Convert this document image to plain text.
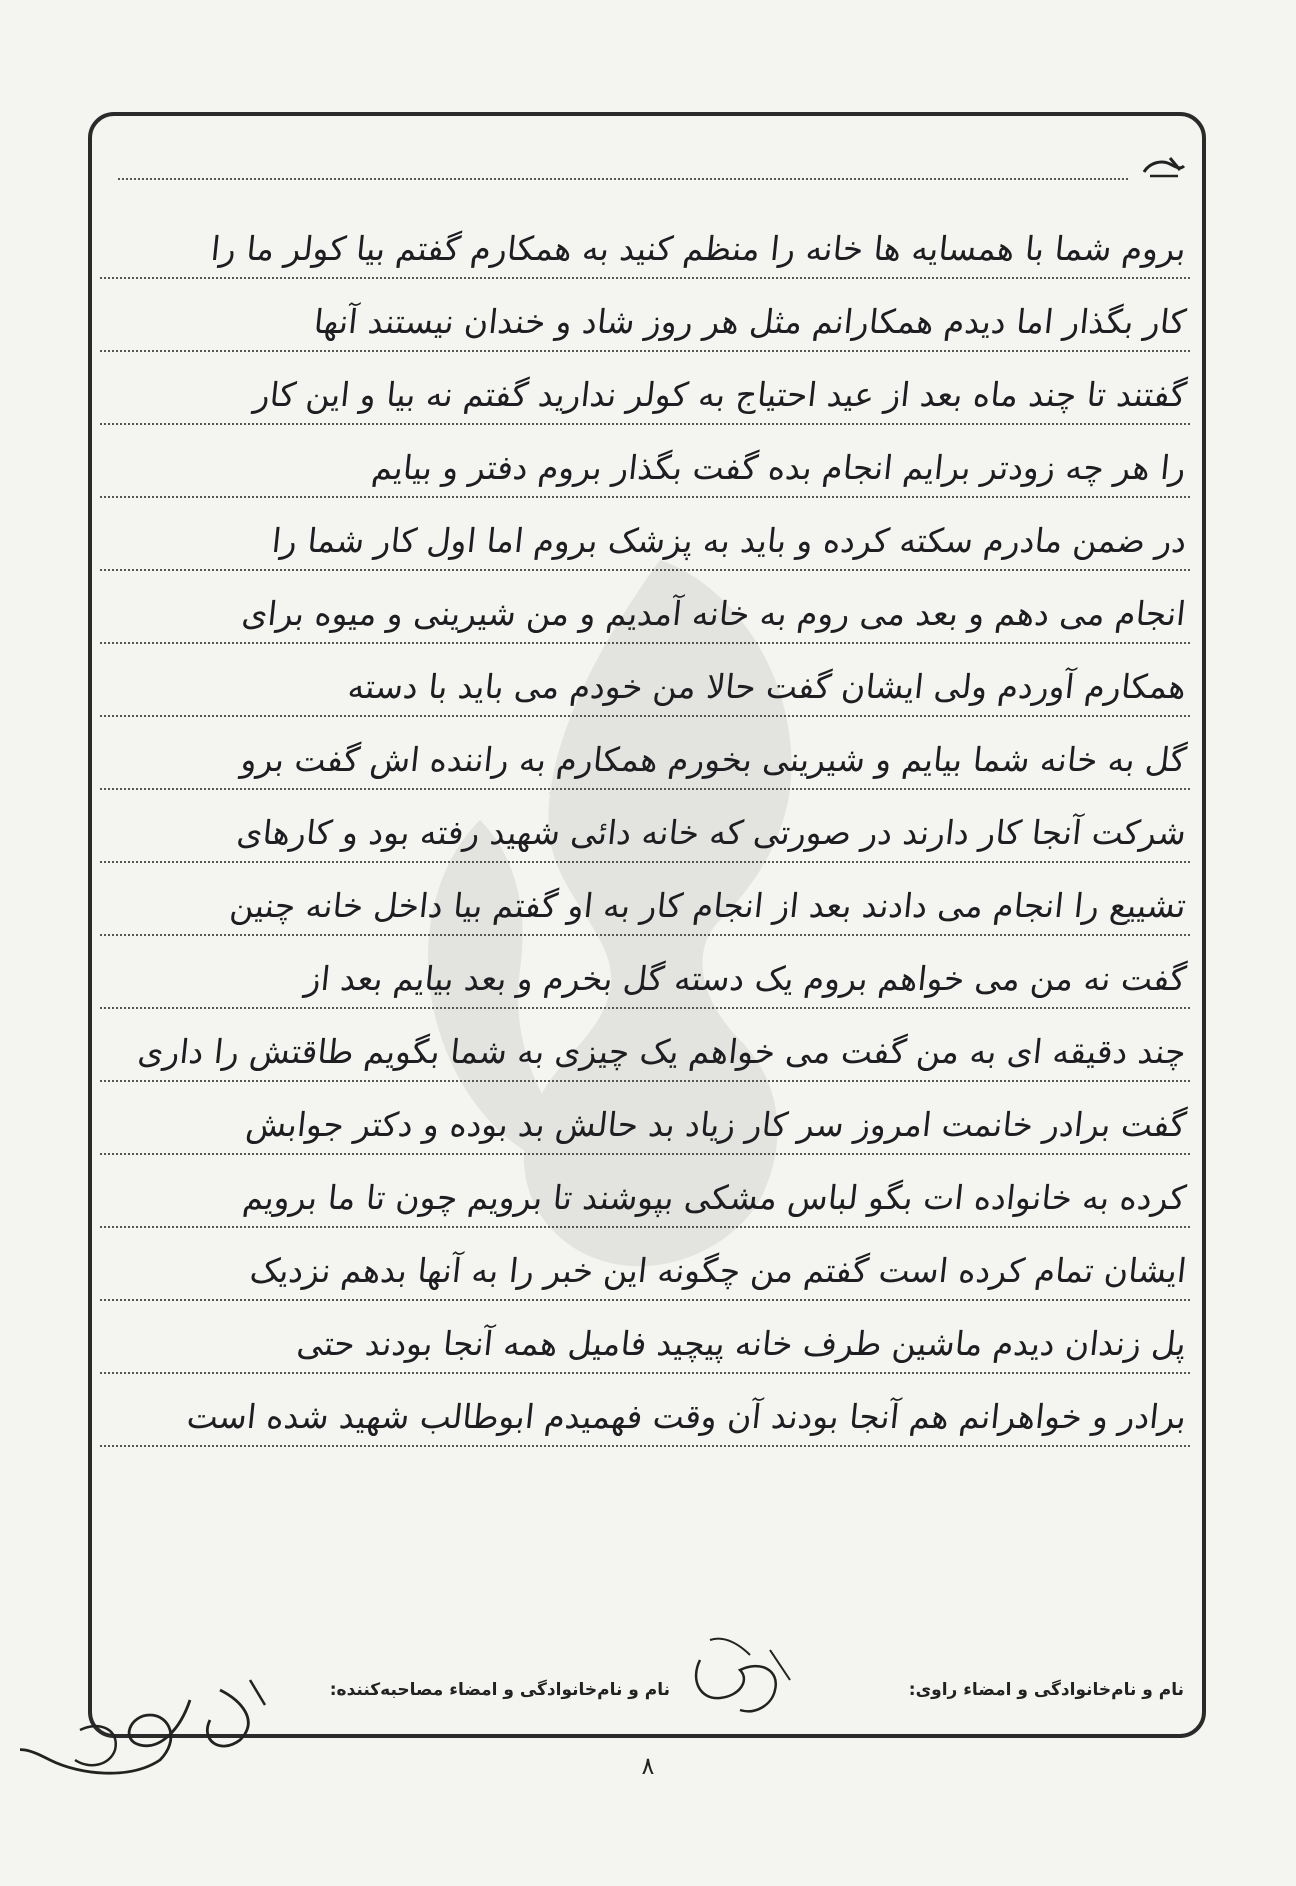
بروم شما با همسایه ها خانه را منظم کنید به همکارم گفتم بیا کولر ما را
کار بگذار اما دیدم همکارانم مثل هر روز شاد و خندان نیستند آنها
گفتند تا چند ماه بعد از عید احتیاج به کولر ندارید گفتم نه بیا و این کار
را هر چه زودتر برایم انجام بده گفت بگذار بروم دفتر و بیایم
در ضمن مادرم سکته کرده و باید به پزشک بروم اما اول کار شما را
انجام می دهم و بعد می روم به خانه آمدیم و من شیرینی و میوه برای
همکارم آوردم ولی ایشان گفت حالا من خودم می باید با دسته
گل به خانه شما بیایم و شیرینی بخورم همکارم به راننده اش گفت برو
شرکت آنجا کار دارند در صورتی که خانه دائی شهید رفته بود و کارهای
تشییع را انجام می دادند بعد از انجام کار به او گفتم بیا داخل خانه چنین
گفت نه من می خواهم بروم یک دسته گل بخرم و بعد بیایم بعد از
چند دقیقه ای به من گفت می خواهم یک چیزی به شما بگویم طاقتش را داری
گفت برادر خانمت امروز سر کار زیاد بد حالش بد بوده و دکتر جوابش
کرده به خانواده ات بگو لباس مشکی بپوشند تا برویم چون تا ما برویم
ایشان تمام کرده است گفتم من چگونه این خبر را به آنها بدهم نزدیک
پل زندان دیدم ماشین طرف خانه پیچید فامیل همه آنجا بودند حتی
برادر و خواهرانم هم آنجا بودند آن وقت فهمیدم ابوطالب شهید شده است
نام و نام‌خانوادگی و امضاء راوی:
نام و نام‌خانوادگی و امضاء مصاحبه‌کننده:
۸
